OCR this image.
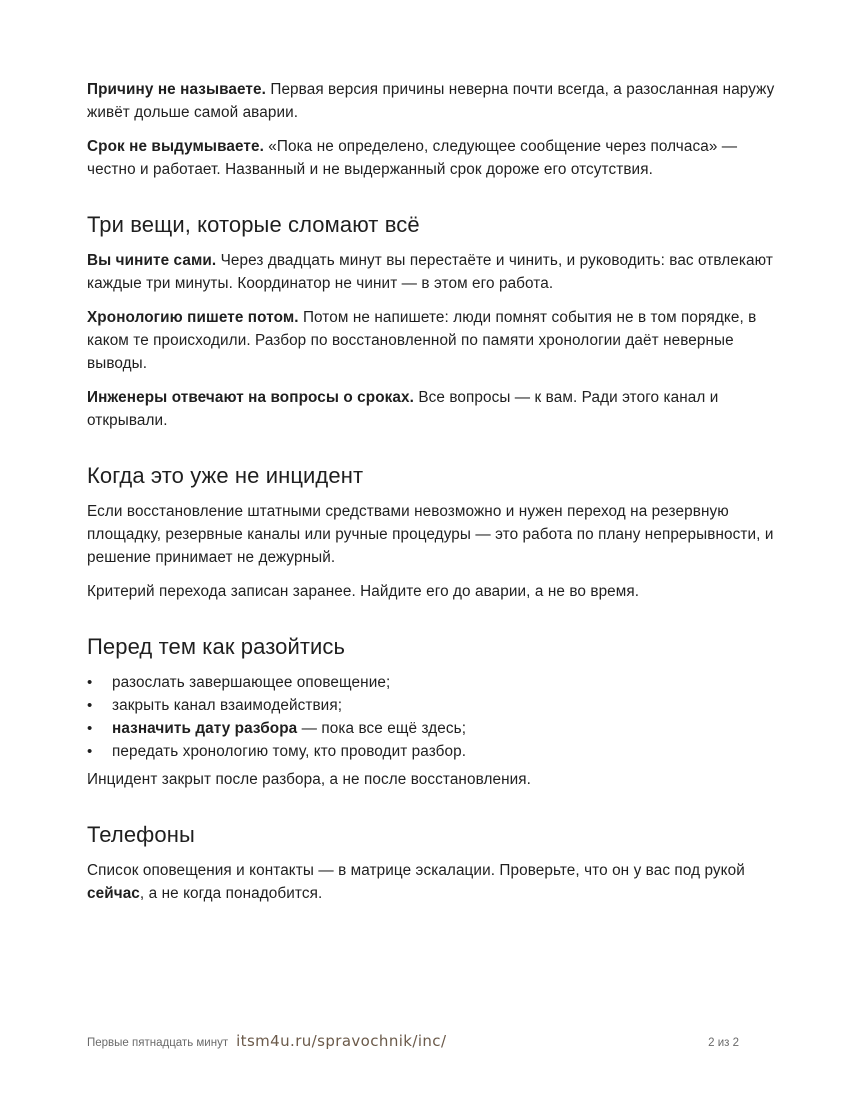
Причину не называете. Первая версия причины неверна почти всегда, а разосланная наружу живёт дольше самой аварии.

Срок не выдумываете. «Пока не определено, следующее сообщение через полчаса» — честно и работает. Названный и не выдержанный срок дороже его отсутствия.

Три вещи, которые сломают всё

Вы чините сами. Через двадцать минут вы перестаёте и чинить, и руководить: вас отвлекают каждые три минуты. Координатор не чинит — в этом его работа.

Хронологию пишете потом. Потом не напишете: люди помнят события не в том порядке, в каком те происходили. Разбор по восстановленной по памяти хронологии даёт неверные выводы.

Инженеры отвечают на вопросы о сроках. Все вопросы — к вам. Ради этого канал и открывали.

Когда это уже не инцидент

Если восстановление штатными средствами невозможно и нужен переход на резервную площадку, резервные каналы или ручные процедуры — это работа по плану непрерывности, и решение принимает не дежурный.

Критерий перехода записан заранее. Найдите его до аварии, а не во время.

Перед тем как разойтись
• разослать завершающее оповещение;
• закрыть канал взаимодействия;
• назначить дату разбора — пока все ещё здесь;
• передать хронологию тому, кто проводит разбор.

Инцидент закрыт после разбора, а не после восстановления.

Телефоны

Список оповещения и контакты — в матрице эскалации. Проверьте, что он у вас под рукой сейчас, а не когда понадобится.

Первые пятнадцать минут itsm4u.ru/spravochnik/inc/	2 из 2
